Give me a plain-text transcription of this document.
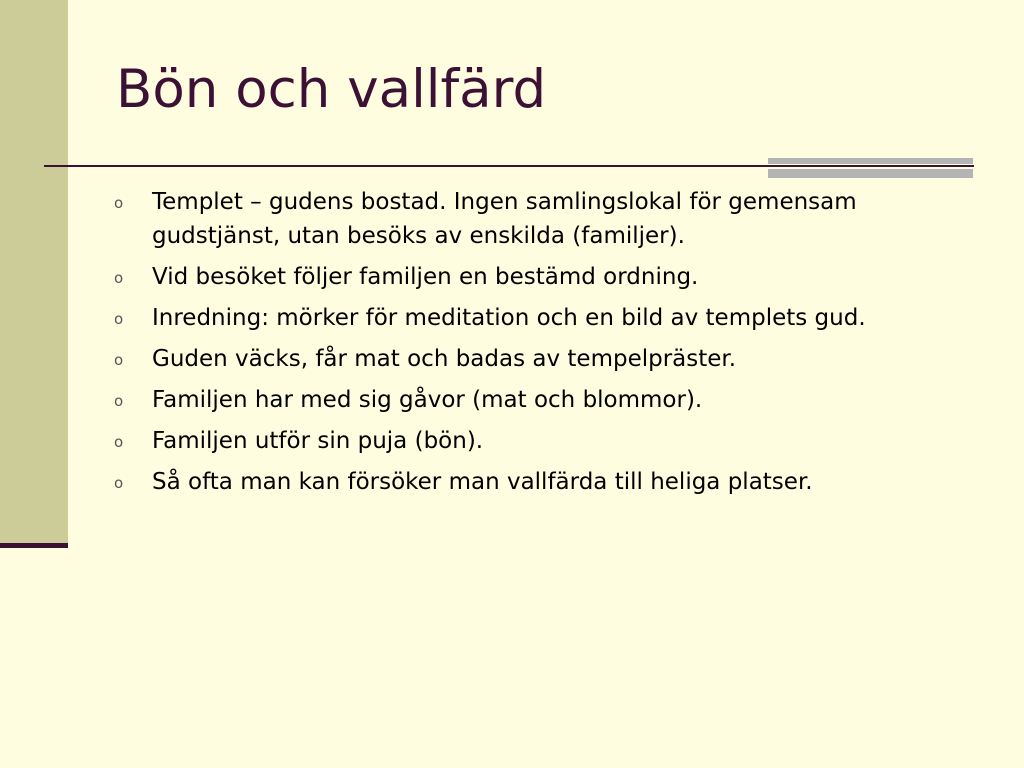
Bön och vallfärd
o Templet – gudens bostad. Ingen samlingslokal för gemensam gudstjänst, utan besöks av enskilda (familjer).
o Vid besöket följer familjen en bestämd ordning.
o Inredning: mörker för meditation och en bild av templets gud.
o Guden väcks, får mat och badas av tempelpräster.
o Familjen har med sig gåvor (mat och blommor).
o Familjen utför sin puja (bön).
o Så ofta man kan försöker man vallfärda till heliga platser.
